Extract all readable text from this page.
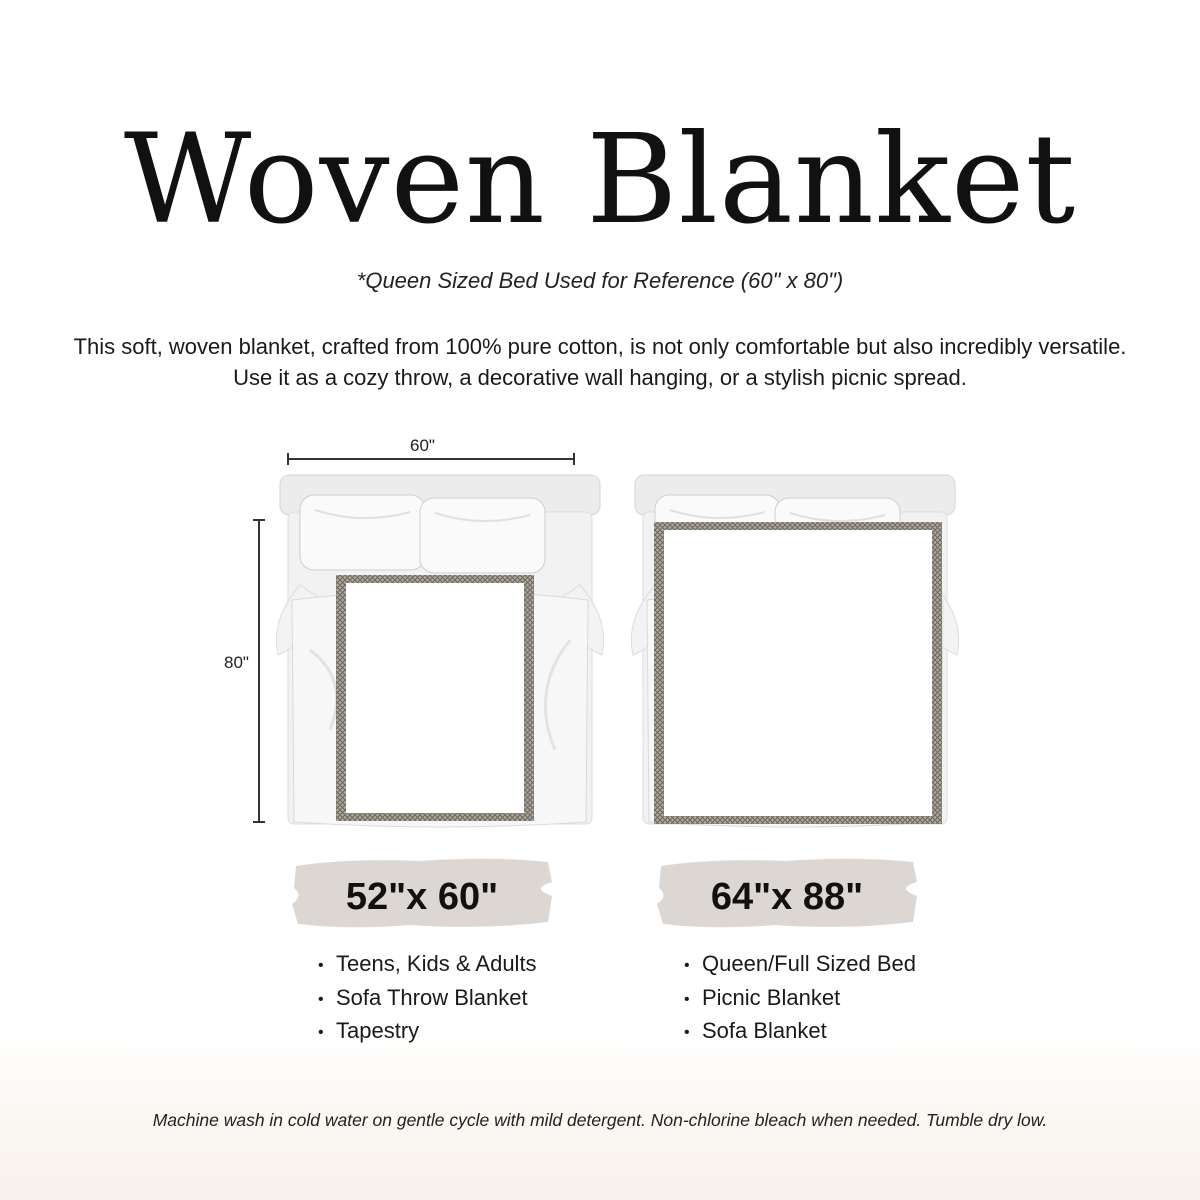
Woven Blanket
*Queen Sized Bed Used for Reference (60" x 80")
This soft, woven blanket, crafted from 100% pure cotton, is not only comfortable but also incredibly versatile. Use it as a cozy throw, a decorative wall hanging, or a stylish picnic spread.
60"
80"
52"x 60"	64"x 88"
• Teens, Kids & Adults
• Sofa Throw Blanket
• Tapestry
• Queen/Full Sized Bed
• Picnic Blanket
• Sofa Blanket
Machine wash in cold water on gentle cycle with mild detergent. Non-chlorine bleach when needed. Tumble dry low.
